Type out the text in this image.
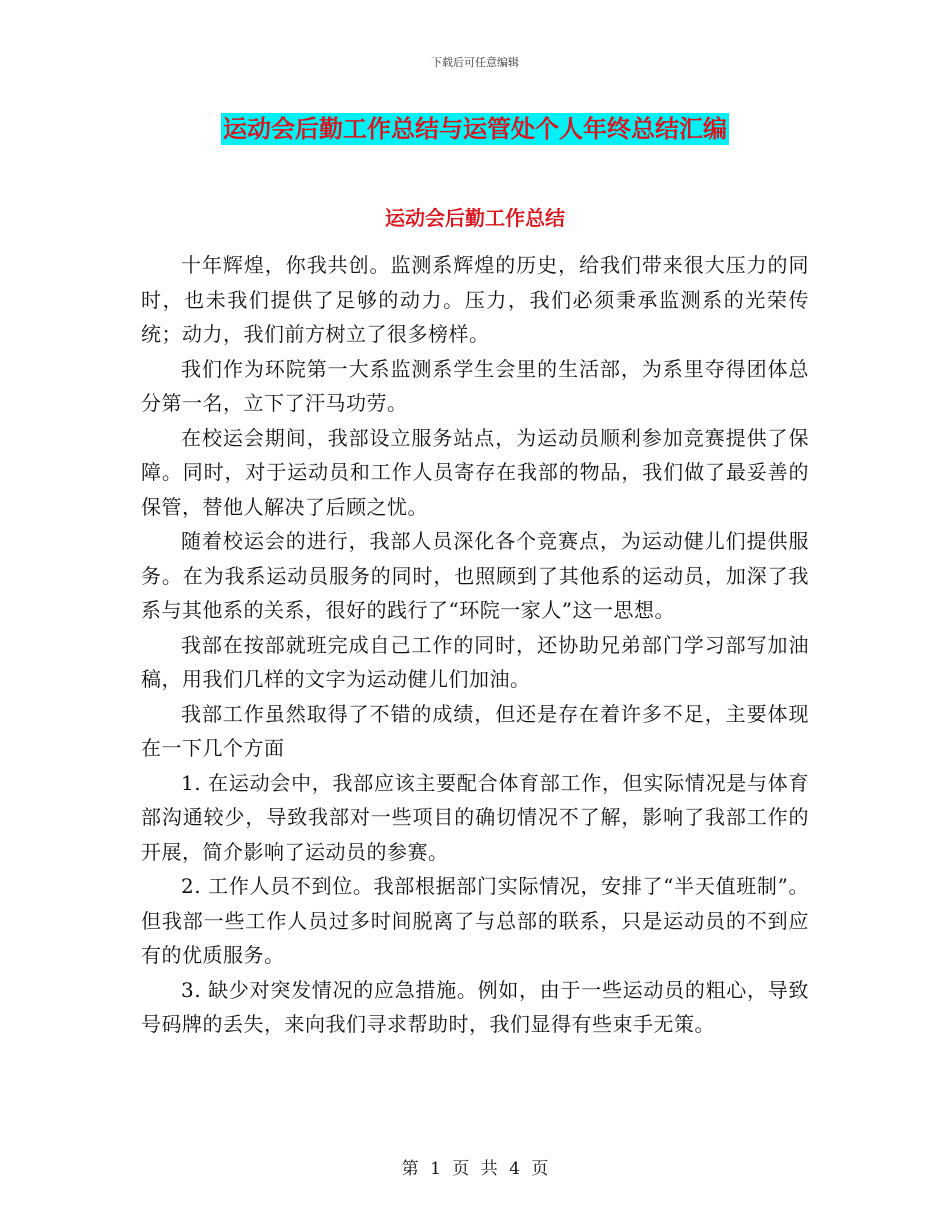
下载后可任意编辑
运动会后勤工作总结与运管处个人年终总结汇编
运动会后勤工作总结

十年辉煌，你我共创。监测系辉煌的历史，给我们带来很大压力的同时，也未我们提供了足够的动力。压力，我们必须秉承监测系的光荣传统；动力，我们前方树立了很多榜样。

我们作为环院第一大系监测系学生会里的生活部，为系里夺得团体总分第一名，立下了汗马功劳。

在校运会期间，我部设立服务站点，为运动员顺利参加竞赛提供了保障。同时，对于运动员和工作人员寄存在我部的物品，我们做了最妥善的保管，替他人解决了后顾之忧。

随着校运会的进行，我部人员深化各个竞赛点，为运动健儿们提供服务。在为我系运动员服务的同时，也照顾到了其他系的运动员，加深了我系与其他系的关系，很好的践行了“环院一家人”这一思想。

我部在按部就班完成自己工作的同时，还协助兄弟部门学习部写加油稿，用我们几样的文字为运动健儿们加油。

我部工作虽然取得了不错的成绩，但还是存在着许多不足，主要体现在一下几个方面

1. 在运动会中，我部应该主要配合体育部工作，但实际情况是与体育部沟通较少，导致我部对一些项目的确切情况不了解，影响了我部工作的开展，简介影响了运动员的参赛。

2. 工作人员不到位。我部根据部门实际情况，安排了“半天值班制”。但我部一些工作人员过多时间脱离了与总部的联系，只是运动员的不到应有的优质服务。

3. 缺少对突发情况的应急措施。例如，由于一些运动员的粗心，导致号码牌的丢失，来向我们寻求帮助时，我们显得有些束手无策。

第 1 页 共 4 页
